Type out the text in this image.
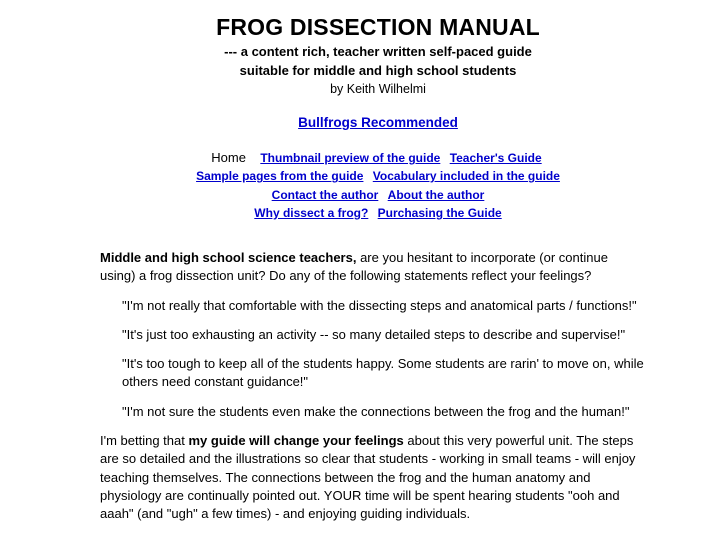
FROG DISSECTION MANUAL
--- a content rich, teacher written self-paced guide
suitable for middle and high school students
by Keith Wilhelmi
Bullfrogs Recommended
Home Thumbnail preview of the guide Teacher's Guide
Sample pages from the guide Vocabulary included in the guide
Contact the author About the author
Why dissect a frog? Purchasing the Guide

Middle and high school science teachers, are you hesitant to incorporate (or continue using) a frog dissection unit? Do any of the following statements reflect your feelings?

"I'm not really that comfortable with the dissecting steps and anatomical parts / functions!"

"It's just too exhausting an activity -- so many detailed steps to describe and supervise!"

"It's too tough to keep all of the students happy. Some students are rarin' to move on, while others need constant guidance!"

"I'm not sure the students even make the connections between the frog and the human!"

I'm betting that my guide will change your feelings about this very powerful unit. The steps are so detailed and the illustrations so clear that students - working in small teams - will enjoy teaching themselves. The connections between the frog and the human anatomy and physiology are continually pointed out. YOUR time will be spent hearing students "ooh and aaah" (and "ugh" a few times) - and enjoying guiding individuals.
